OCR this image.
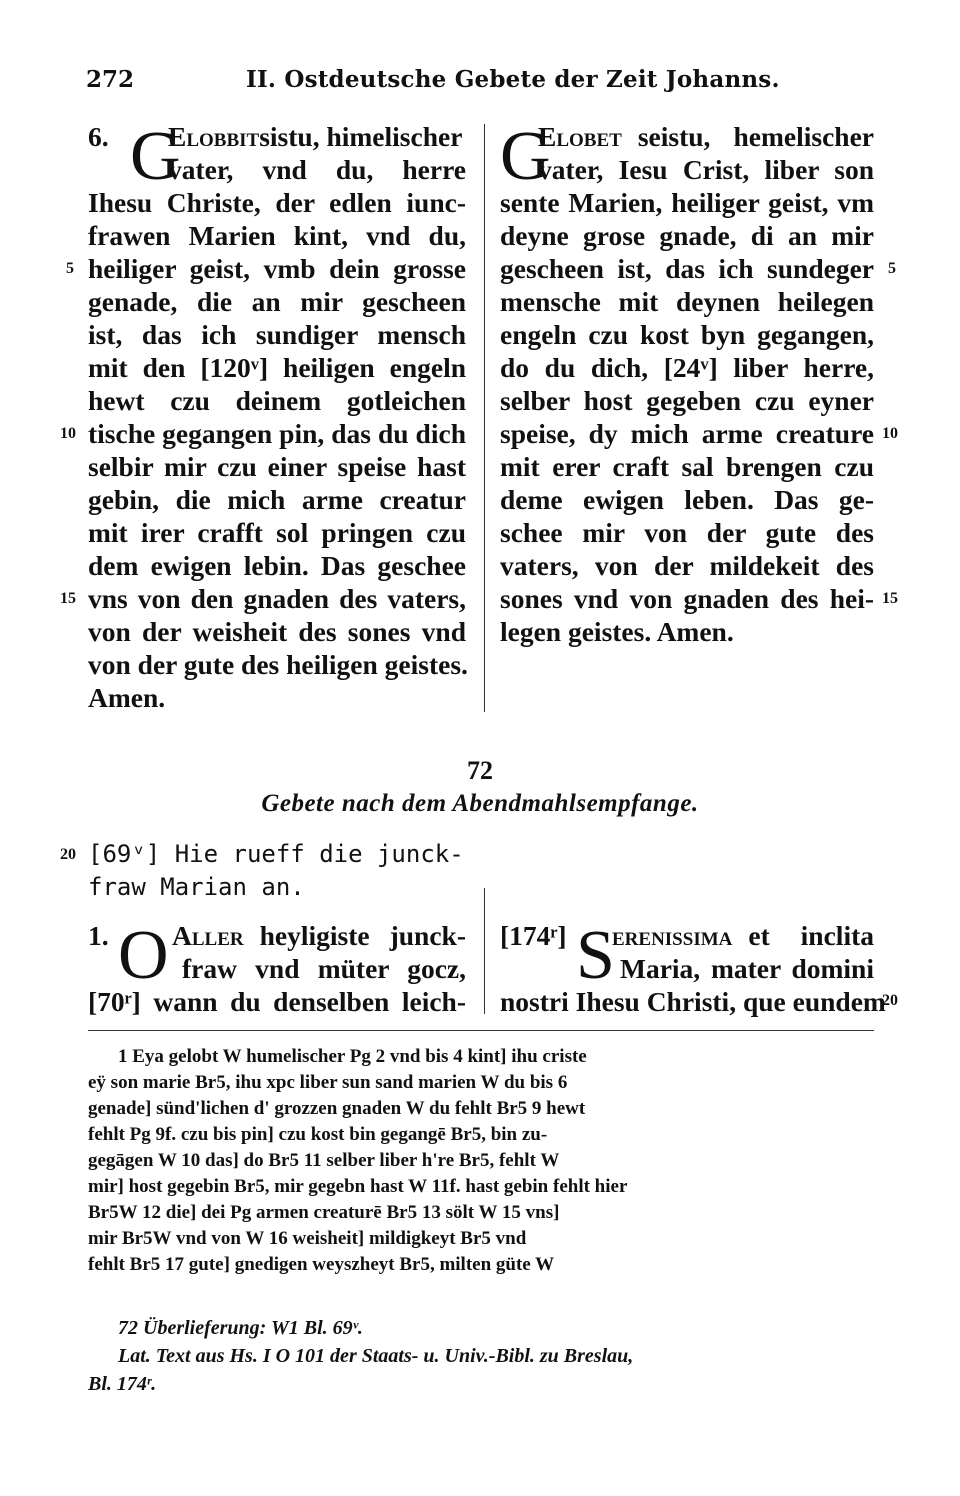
272	II. Ostdeutsche Gebete der Zeit Johanns.
6. G
Elobbitsistu, himelischer
vater, vnd du, herre
Ihesu Christe, der edlen iunc-
frawen Marien kint, vnd du,
heiliger geist, vmb dein grosse
genade, die an mir gescheen
ist, das ich sundiger mensch
mit den [120ᵛ] heiligen engeln
hewt czu deinem gotleichen
tische gegangen pin, das du dich
selbir mir czu einer speise hast
gebin, die mich arme creatur
mit irer crafft sol pringen czu
dem ewigen lebin. Das geschee
vns von den gnaden des vaters,
von der weisheit des sones vnd
von der gute des heiligen geistes.
Amen.
G
Elobet seistu, hemelischer
vater, Iesu Crist, liber son
sente Marien, heiliger geist, vm
deyne grose gnade, di an mir
gescheen ist, das ich sundeger
mensche mit deynen heilegen
engeln czu kost byn gegangen,
do du dich, [24ᵛ] liber herre,
selber host gegeben czu eyner
speise, dy mich arme creature
mit erer craft sal brengen czu
deme ewigen leben. Das ge-
schee mir von der gute des
vaters, von der mildekeit des
sones vnd von gnaden des hei-
legen geistes. Amen.
5
10
15
5
10
15
72
Gebete nach dem Abendmahlsempfange.
20 [69ᵛ] Hie rueff die junck-
fraw Marian an.
1. O Aller heyligiste junck-
fraw vnd müter gocz,
[70ʳ] wann du denselben leich-
[174ʳ] S
erenissima et inclita
Maria, mater domini
nostri Ihesu Christi, que eundem
20
1 Eya gelobt W humelischer Pg 2 vnd bis 4 kint] ihu criste
eÿ son marie Br5, ihu xpc liber sun sand marien W du bis 6
genade] sünd'lichen d' grozzen gnaden W du fehlt Br5 9 hewt
fehlt Pg 9f. czu bis pin] czu kost bin gegangē Br5, bin zu-
gegāgen W 10 das] do Br5 11 selber liber h're Br5, fehlt W
mir] host gegebin Br5, mir gegebn hast W 11f. hast gebin fehlt hier
Br5W 12 die] dei Pg armen creaturē Br5 13 sölt W 15 vns]
mir Br5W vnd von W 16 weisheit] mildigkeyt Br5 vnd
fehlt Br5 17 gute] gnedigen weyszheyt Br5, milten güte W
72 Überlieferung: W1 Bl. 69ᵛ.
Lat. Text aus Hs. I O 101 der Staats- u. Univ.-Bibl. zu Breslau,
Bl. 174ʳ.
